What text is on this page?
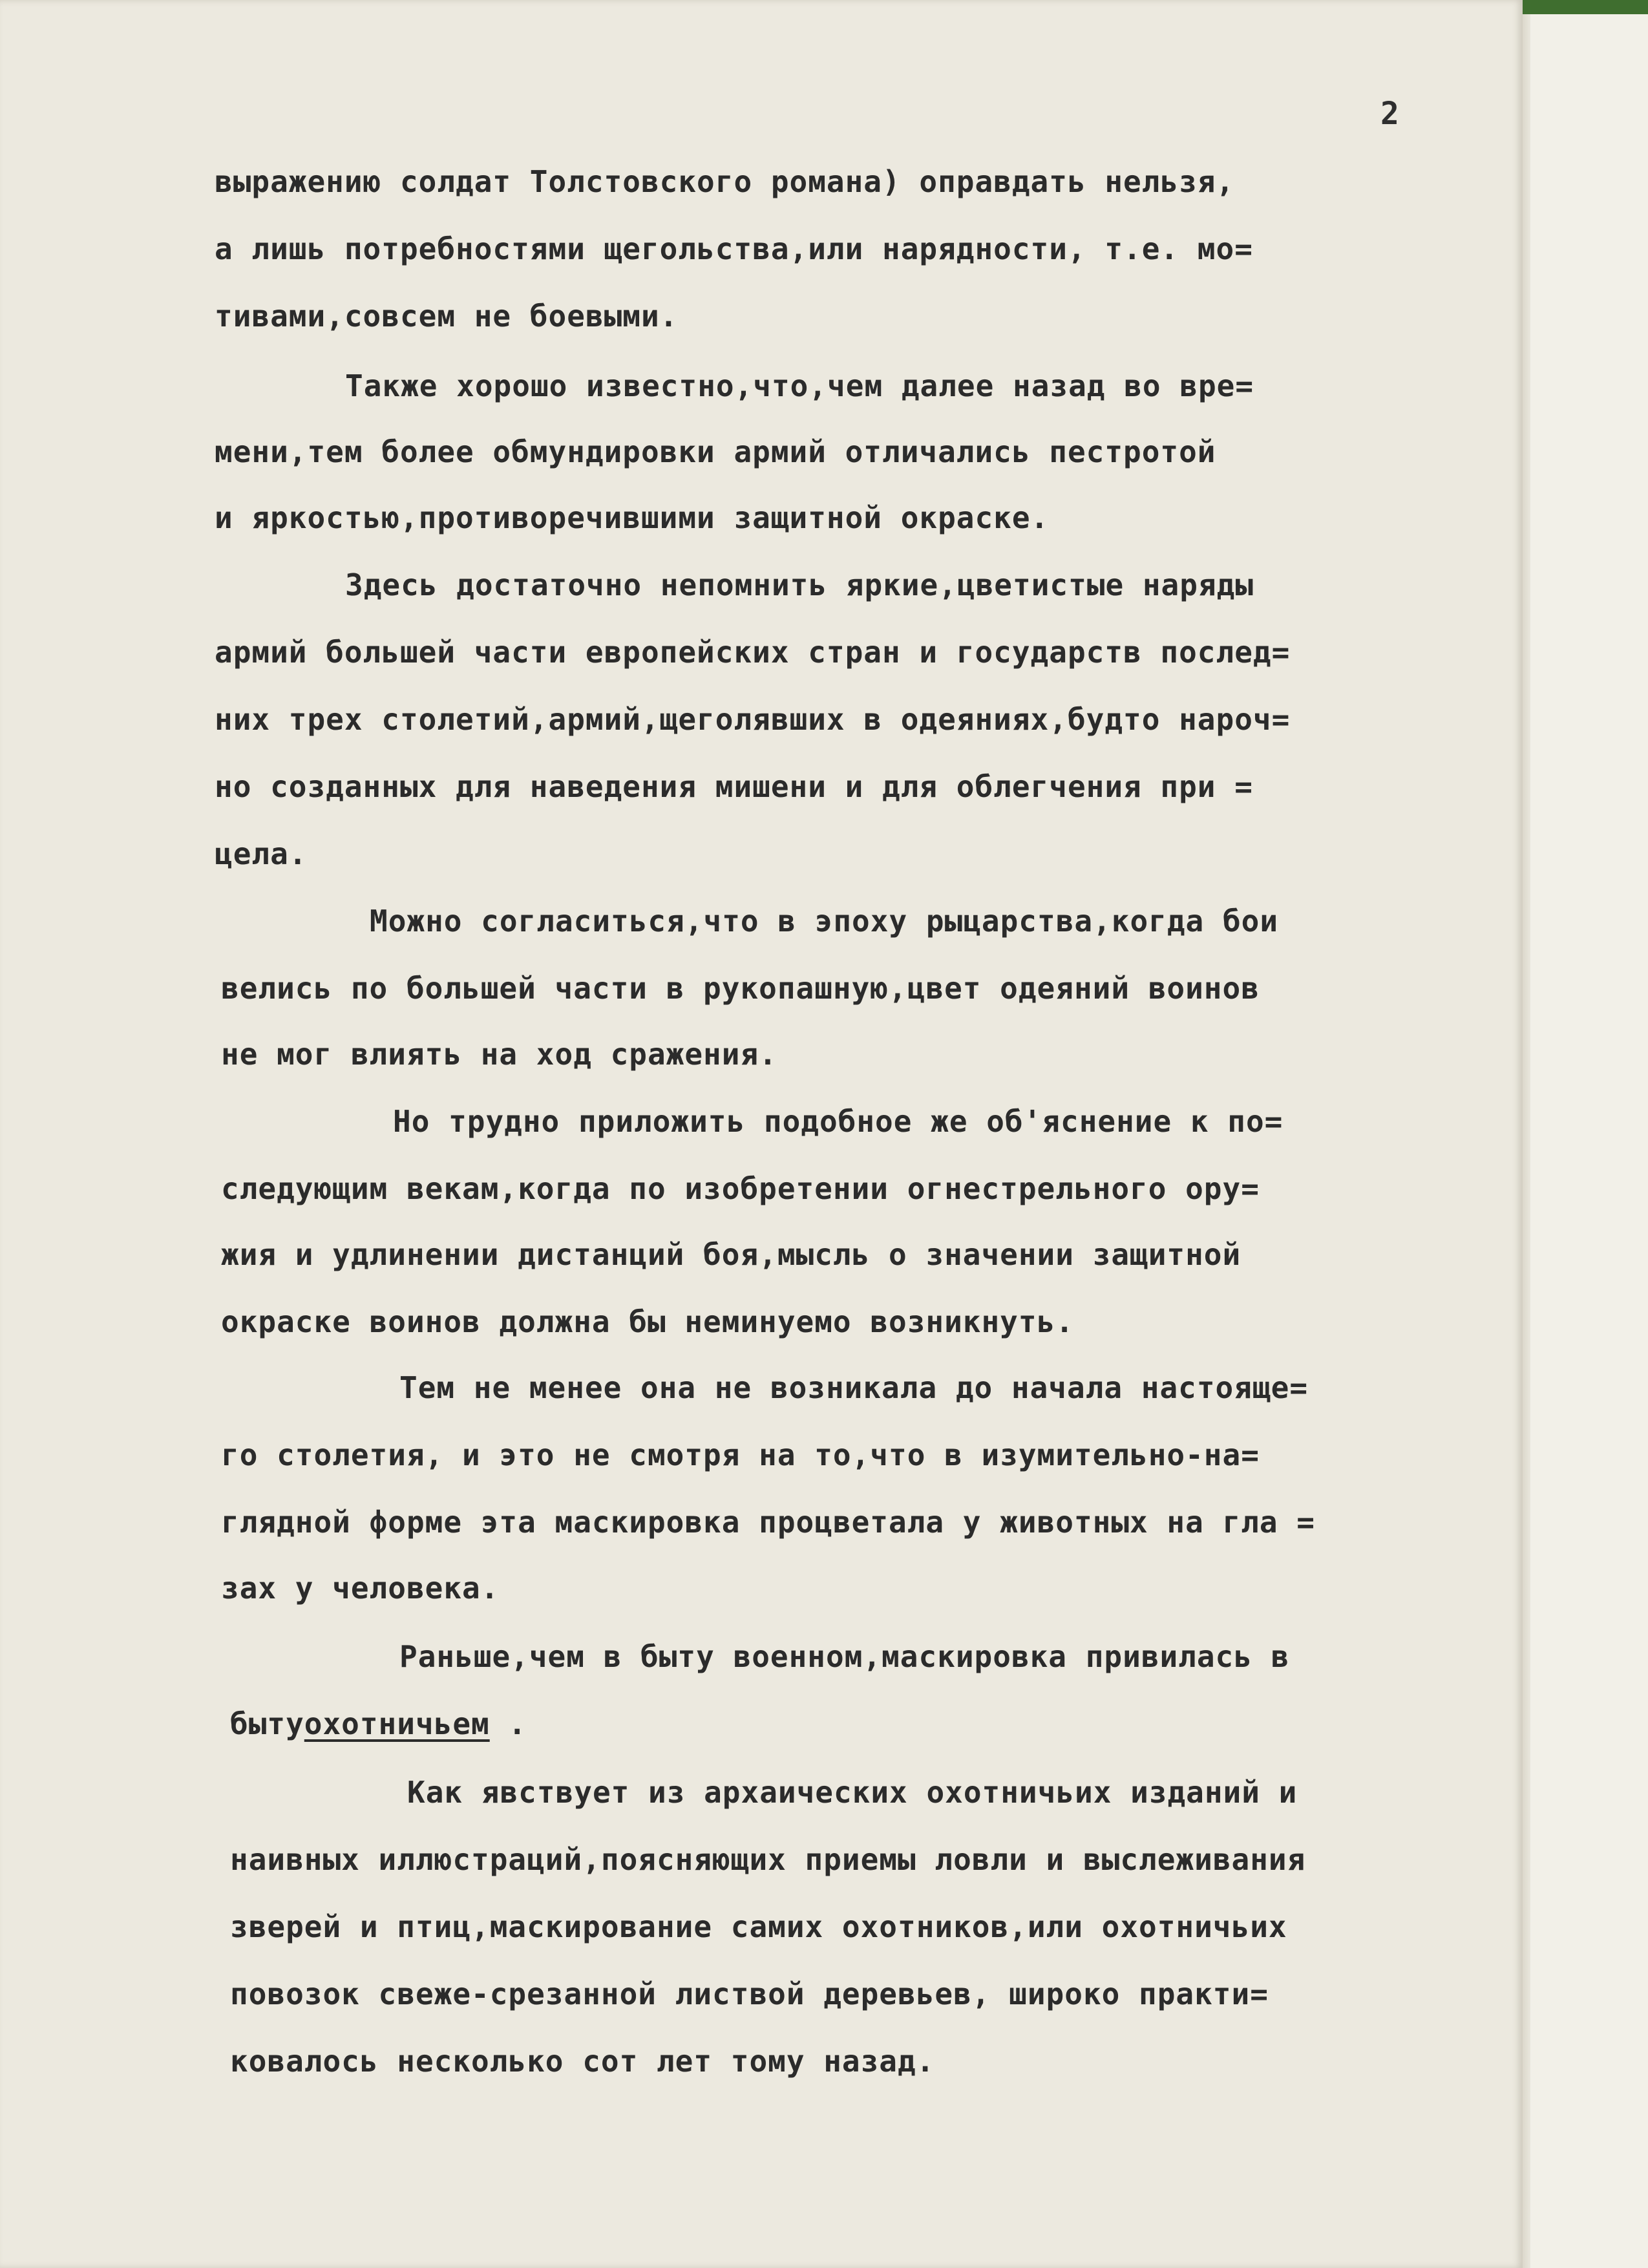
2
выражению солдат Толстовского романа) оправдать нельзя,
а лишь потребностями щегольства,или нарядности, т.е. мо=
тивами,совсем не боевыми.
Также хорошо известно,что,чем далее назад во вре=
мени,тем более обмундировки армий отличались пестротой
и яркостью,противоречившими защитной окраске.
Здесь достаточно непомнить яркие,цветистые наряды
армий большей части европейских стран и государств послед=
них трех столетий,армий,щеголявших в одеяниях,будто нароч=
но созданных для наведения мишени и для облегчения при =
цела.
Можно согласиться,что в эпоху рыцарства,когда бои
велись по большей части в рукопашную,цвет одеяний воинов
не мог влиять на ход сражения.
Но трудно приложить подобное же об'яснение к по=
следующим векам,когда по изобретении огнестрельного ору=
жия и удлинении дистанций боя,мысль о значении защитной
окраске воинов должна бы неминуемо возникнуть.
Тем не менее она не возникала до начала настояще=
го столетия, и это не смотря на то,что в изумительно-на=
глядной форме эта маскировка процветала у животных на гла =
зах у человека.
Раньше,чем в быту военном,маскировка привилась в
бытуохотничьем .
Как явствует из архаических охотничьих изданий и
наивных иллюстраций,поясняющих приемы ловли и выслеживания
зверей и птиц,маскирование самих охотников,или охотничьих
повозок свеже-срезанной листвой деревьев, широко практи=
ковалось несколько сот лет тому назад.
